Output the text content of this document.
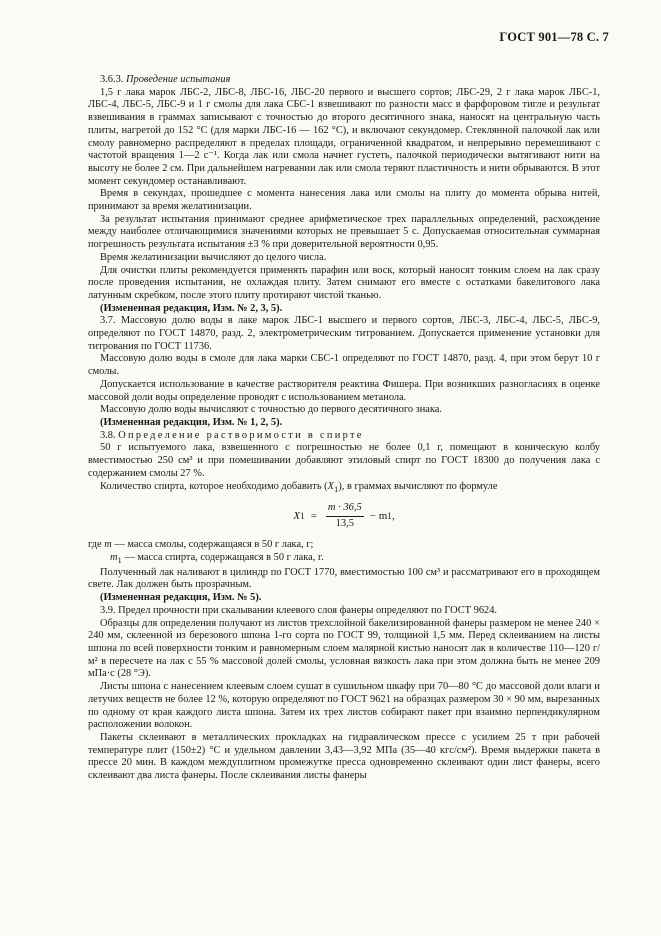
ГОСТ 901—78 С. 7

3.6.3. Проведение испытания

1,5 г лака марок ЛБС-2, ЛБС-8, ЛБС-16, ЛБС-20 первого и высшего сортов; ЛБС-29, 2 г лака марок ЛБС-1, ЛБС-4, ЛБС-5, ЛБС-9 и 1 г смолы для лака СБС-1 взвешивают по разности масс в фарфоровом тигле и результат взвешивания в граммах записывают с точностью до второго десятичного знака, наносят на центральную часть плиты, нагретой до 152 °С (для марки ЛБС-16 — 162 °С), и включают секундомер. Стеклянной палочкой лак или смолу равномерно распределяют в пределах площади, ограниченной квадратом, и непрерывно перемешивают с частотой вращения 1—2 с⁻¹. Когда лак или смола начнет густеть, палочкой периодически вытягивают нити на высоту не более 2 см. При дальнейшем нагревании лак или смола теряют пластичность и нити обрываются. В этот момент секундомер останавливают.

Время в секундах, прошедшее с момента нанесения лака или смолы на плиту до момента обрыва нитей, принимают за время желатинизации.

За результат испытания принимают среднее арифметическое трех параллельных определений, расхождение между наиболее отличающимися значениями которых не превышает 5 с. Допускаемая относительная суммарная погрешность результата испытания ±3 % при доверительной вероятности 0,95.

Время желатинизации вычисляют до целого числа.

Для очистки плиты рекомендуется применять парафин или воск, который наносят тонким слоем на лак сразу после проведения испытания, не охлаждая плиту. Затем снимают его вместе с остатками бакелитового лака латунным скребком, после этого плиту протирают чистой тканью.

(Измененная редакция, Изм. № 2, 3, 5).

3.7. Массовую долю воды в лаке марок ЛБС-1 высшего и первого сортов, ЛБС-3, ЛБС-4, ЛБС-5, ЛБС-9, определяют по ГОСТ 14870, разд. 2, электрометрическим титрованием. Допускается применение установки для титрования по ГОСТ 11736.

Массовую долю воды в смоле для лака марки СБС-1 определяют по ГОСТ 14870, разд. 4, при этом берут 10 г смолы.

Допускается использование в качестве растворителя реактива Фишера. При возникших разногласиях в оценке массовой доли воды определение проводят с использованием метанола.

Массовую долю воды вычисляют с точностью до первого десятичного знака.

(Измененная редакция, Изм. № 1, 2, 5).

3.8. Определение растворимости в спирте

50 г испытуемого лака, взвешенного с погрешностью не более 0,1 г, помещают в коническую колбу вместимостью 250 см³ и при помешивании добавляют этиловый спирт по ГОСТ 18300 до получения лака с содержанием смолы 27 %.

Количество спирта, которое необходимо добавить $(X_1)$, в граммах вычисляют по формуле

X $1 = \frac{m \cdot 36,5}{13,5} - m$ 1 ,

где m — масса смолы, содержащаяся в 50 г лака, г;

$m_1$ — масса спирта, содержащаяся в 50 г лака, г.

Полученный лак наливают в цилиндр по ГОСТ 1770, вместимостью 100 см³ и рассматривают его в проходящем свете. Лак должен быть прозрачным.

(Измененная редакция, Изм. № 5).

3.9. Предел прочности при скалывании клеевого слоя фанеры определяют по ГОСТ 9624.

Образцы для определения получают из листов трехслойной бакелизированной фанеры размером не менее 240 × 240 мм, склеенной из березового шпона 1-го сорта по ГОСТ 99, толщиной 1,5 мм. Перед склеиванием на листы шпона по всей поверхности тонким и равномерным слоем малярной кистью наносят лак в количестве 110—120 г/м² в пересчете на лак с 55 % массовой долей смолы, условная вязкость лака при этом должна быть не менее 209 мПа·с (28 °Э).

Листы шпона с нанесением клеевым слоем сушат в сушильном шкафу при 70—80 °С до массовой доли влаги и летучих веществ не более 12 %, которую определяют по ГОСТ 9621 на образцах размером 30 × 90 мм, вырезанных по одному от края каждого листа шпона. Затем их трех листов собирают пакет при взаимно перпендикулярном расположении волокон.

Пакеты склеивают в металлических прокладках на гидравлическом прессе с усилием 25 т при рабочей температуре плит (150±2) °С и удельном давлении 3,43—3,92 МПа (35—40 кгс/см²). Время выдержки пакета в прессе 20 мин. В каждом междуплитном промежутке пресса одновременно склеивают один лист фанеры, всего склеивают два листа фанеры. После склеивания листы фанеры
